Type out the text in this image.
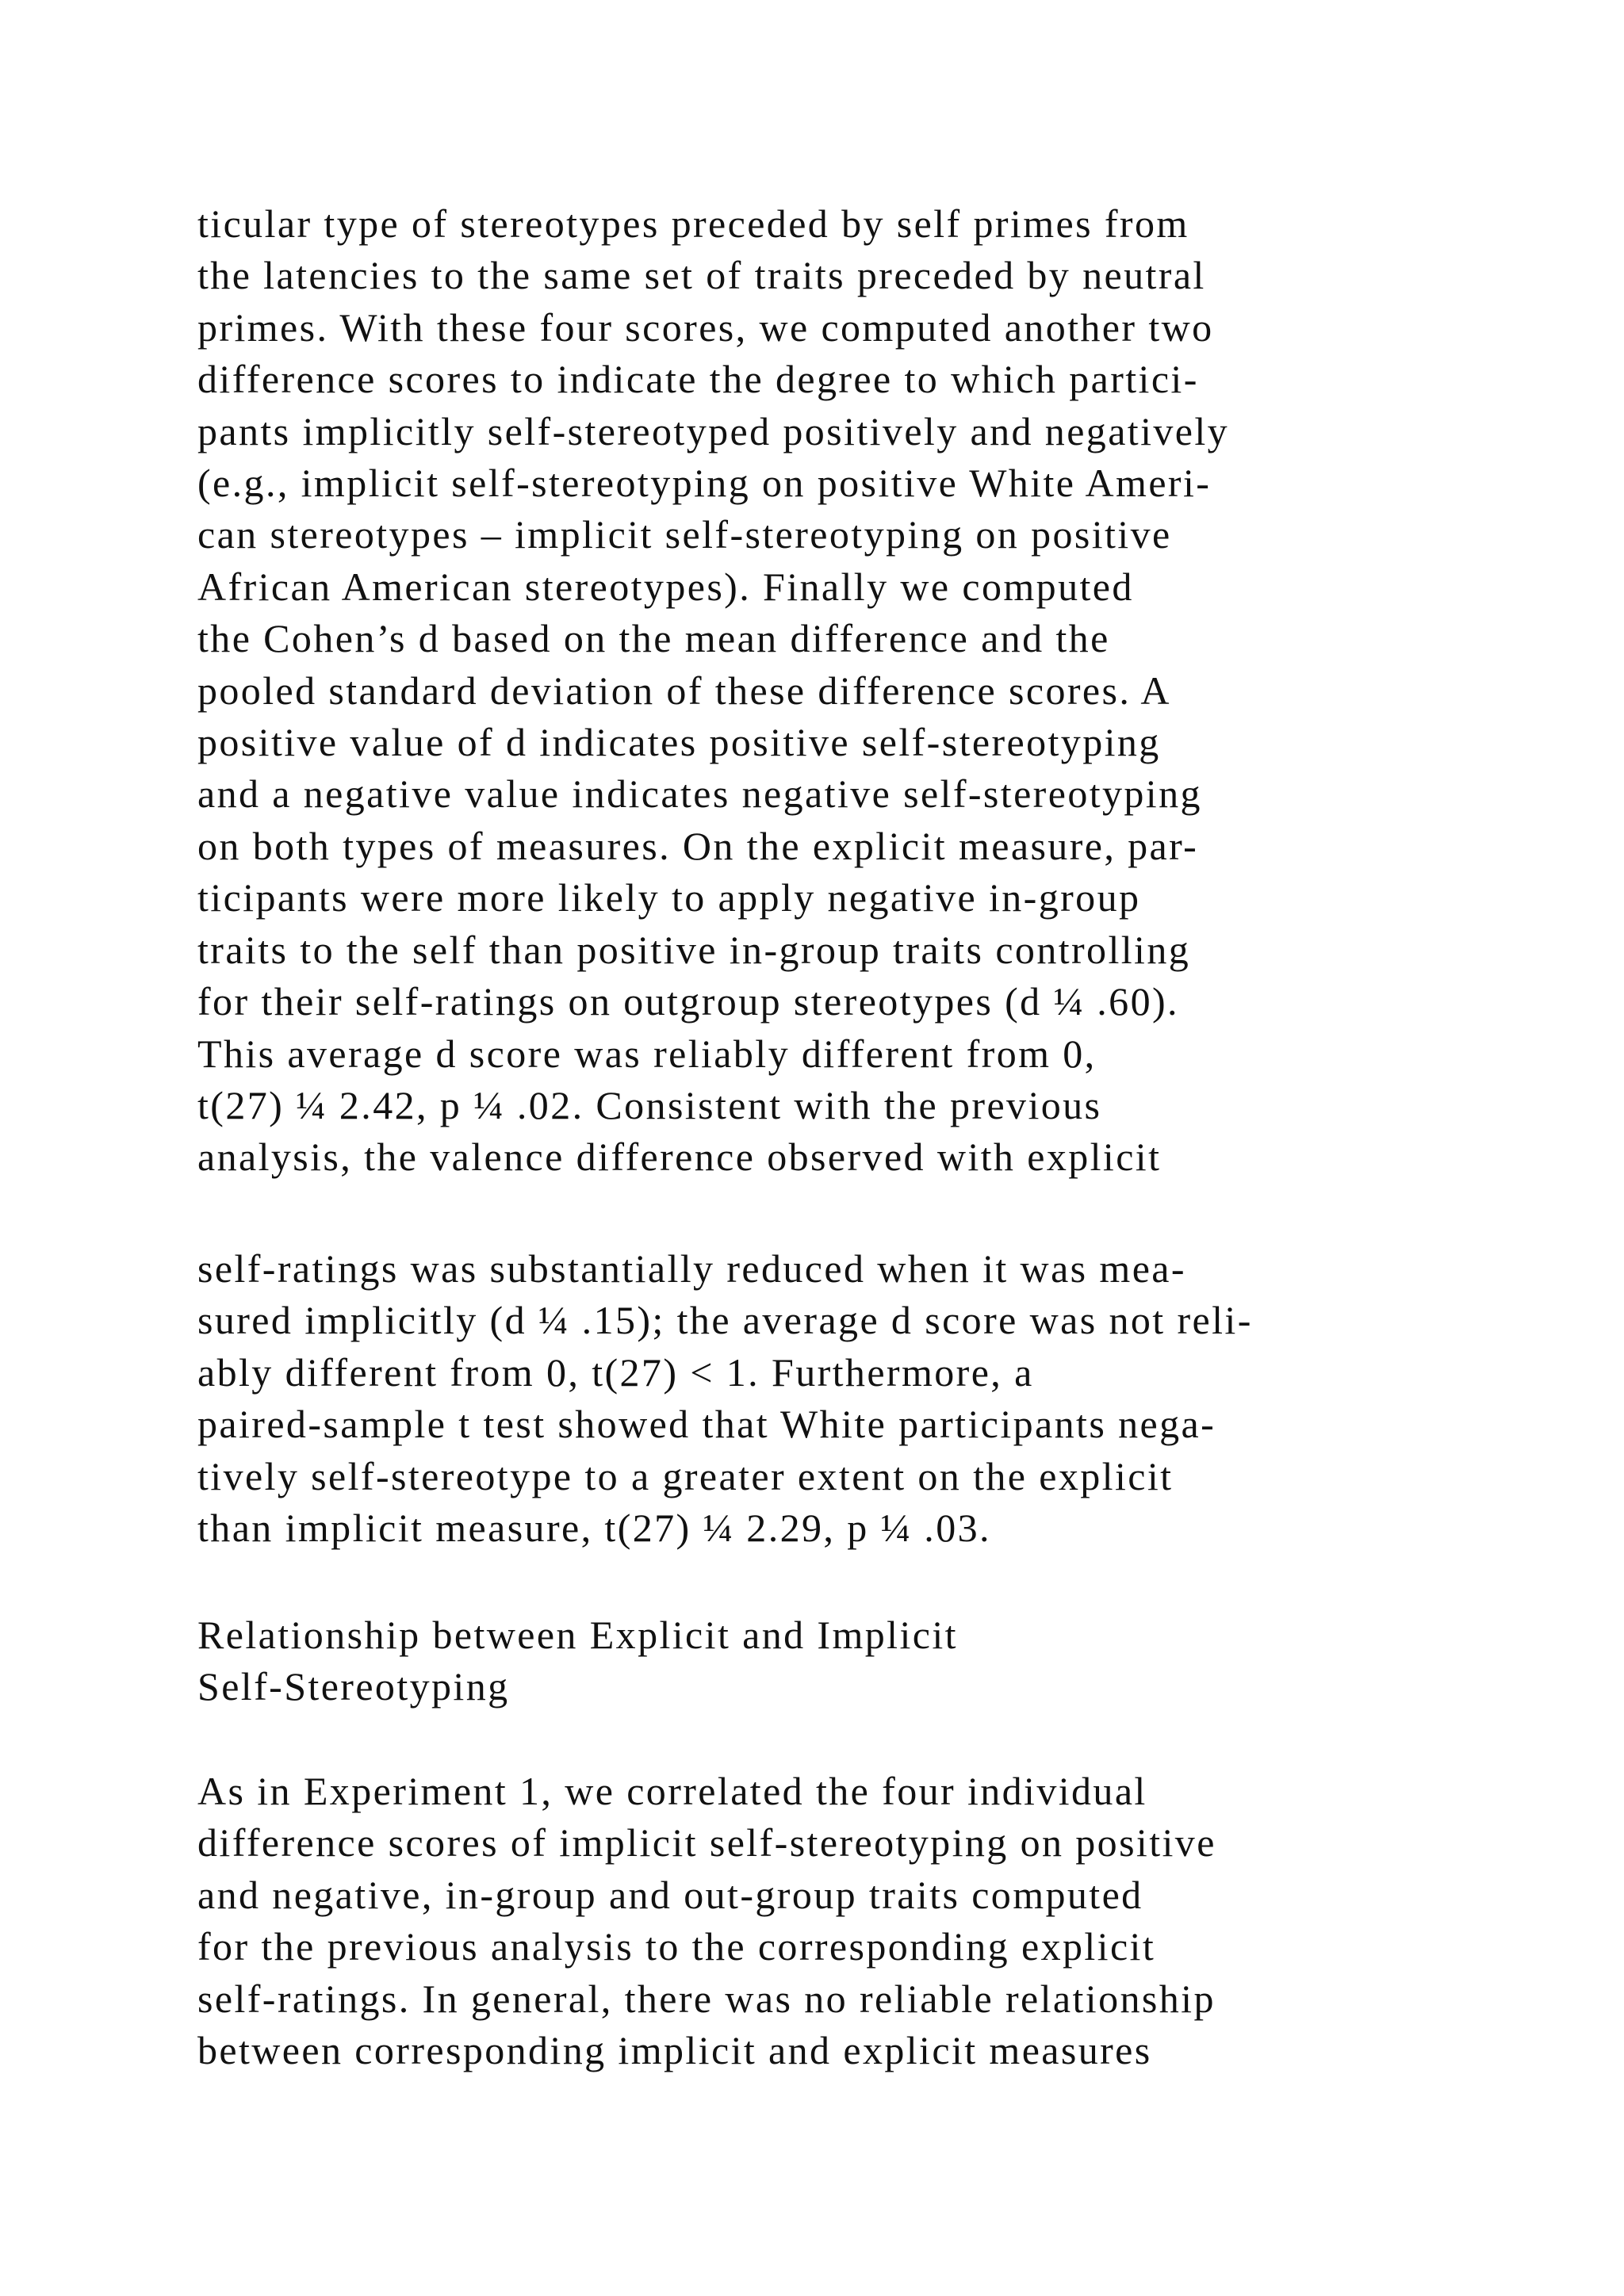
ticular type of stereotypes preceded by self primes from
the latencies to the same set of traits preceded by neutral
primes. With these four scores, we computed another two
difference scores to indicate the degree to which partici-
pants implicitly self-stereotyped positively and negatively
(e.g., implicit self-stereotyping on positive White Ameri-
can stereotypes – implicit self-stereotyping on positive
African American stereotypes). Finally we computed
the Cohen’s d based on the mean difference and the
pooled standard deviation of these difference scores. A
positive value of d indicates positive self-stereotyping
and a negative value indicates negative self-stereotyping
on both types of measures. On the explicit measure, par-
ticipants were more likely to apply negative in-group
traits to the self than positive in-group traits controlling
for their self-ratings on outgroup stereotypes (d ¼ .60).
This average d score was reliably different from 0,
t(27) ¼ 2.42, p ¼ .02. Consistent with the previous
analysis, the valence difference observed with explicit
self-ratings was substantially reduced when it was mea-
sured implicitly (d ¼ .15); the average d score was not reli-
ably different from 0, t(27) < 1. Furthermore, a
paired-sample t test showed that White participants nega-
tively self-stereotype to a greater extent on the explicit
than implicit measure, t(27) ¼ 2.29, p ¼ .03.
Relationship between Explicit and Implicit
Self-Stereotyping
As in Experiment 1, we correlated the four individual
difference scores of implicit self-stereotyping on positive
and negative, in-group and out-group traits computed
for the previous analysis to the corresponding explicit
self-ratings. In general, there was no reliable relationship
between corresponding implicit and explicit measures
